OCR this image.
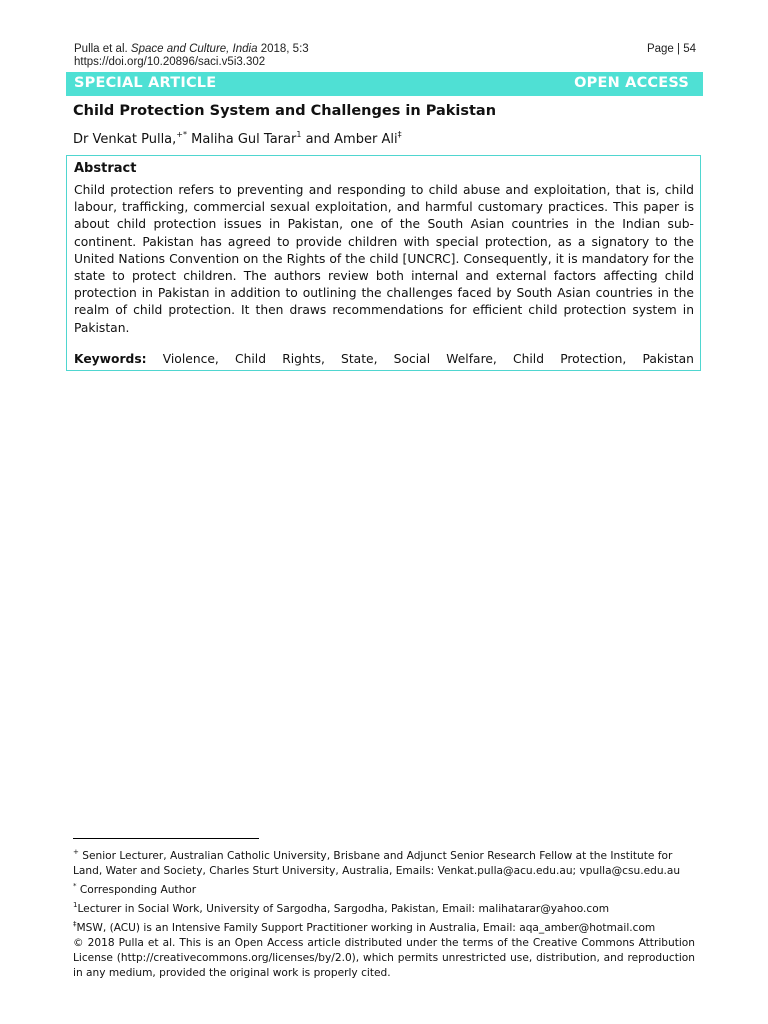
Pulla et al. Space and Culture, India 2018, 5:3	Page | 54
https://doi.org/10.20896/saci.v5i3.302
SPECIAL ARTICLE	OPEN ACCESS
Child Protection System and Challenges in Pakistan
Dr Venkat Pulla,+* Maliha Gul Tarar$^1$ and Amber Ali‡
Abstract
Child protection refers to preventing and responding to child abuse and exploitation, that is, child labour, trafficking, commercial sexual exploitation, and harmful customary practices. This paper is about child protection issues in Pakistan, one of the South Asian countries in the Indian sub-continent. Pakistan has agreed to provide children with special protection, as a signatory to the United Nations Convention on the Rights of the child [UNCRC]. Consequently, it is mandatory for the state to protect children. The authors review both internal and external factors affecting child protection in Pakistan in addition to outlining the challenges faced by South Asian countries in the realm of child protection. It then draws recommendations for efficient child protection system in Pakistan.
Keywords: Violence, Child Rights, State, Social Welfare, Child Protection, Pakistan

+ Senior Lecturer, Australian Catholic University, Brisbane and Adjunct Senior Research Fellow at the Institute for Land, Water and Society, Charles Sturt University, Australia, Emails: Venkat.pulla@acu.edu.au; vpulla@csu.edu.au

* Corresponding Author

$^1$Lecturer in Social Work, University of Sargodha, Sargodha, Pakistan, Email: malihatarar@yahoo.com

‡MSW, (ACU) is an Intensive Family Support Practitioner working in Australia, Email: aqa_amber@hotmail.com

© 2018 Pulla et al. This is an Open Access article distributed under the terms of the Creative Commons Attribution License (http://creativecommons.org/licenses/by/2.0), which permits unrestricted use, distribution, and reproduction in any medium, provided the original work is properly cited.
